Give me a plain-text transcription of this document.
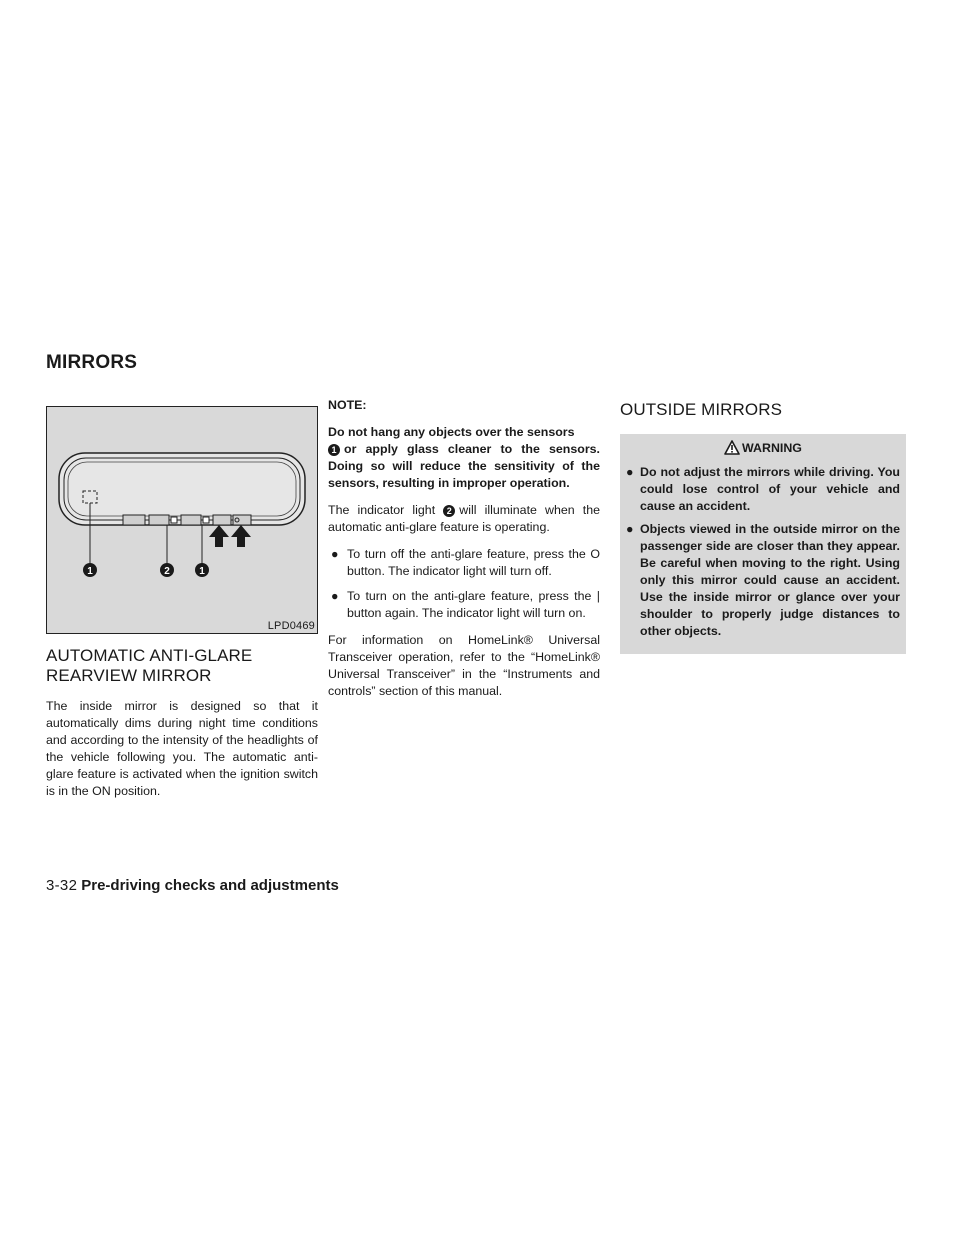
MIRRORS
1	2	1
LPD0469
AUTOMATIC ANTI-GLARE REARVIEW MIRROR

The inside mirror is designed so that it automatically dims during night time conditions and according to the intensity of the headlights of the vehicle following you. The automatic anti-glare feature is activated when the ignition switch is in the ON position.

NOTE:

Do not hang any objects over the sensors
1 or apply glass cleaner to the sensors. Doing so will reduce the sensitivity of the sensors, resulting in improper operation.

The indicator light 2 will illuminate when the automatic anti-glare feature is operating.

● To turn off the anti-glare feature, press the O button. The indicator light will turn off.
● To turn on the anti-glare feature, press the | button again. The indicator light will turn on.

For information on HomeLink® Universal Transceiver operation, refer to the “HomeLink® Universal Transceiver” in the “Instruments and controls” section of this manual.

OUTSIDE MIRRORS
WARNING
● Do not adjust the mirrors while driving. You could lose control of your vehicle and cause an accident.
● Objects viewed in the outside mirror on the passenger side are closer than they appear. Be careful when moving to the right. Using only this mirror could cause an accident. Use the inside mirror or glance over your shoulder to properly judge distances to other objects.
3-32 Pre-driving checks and adjustments
